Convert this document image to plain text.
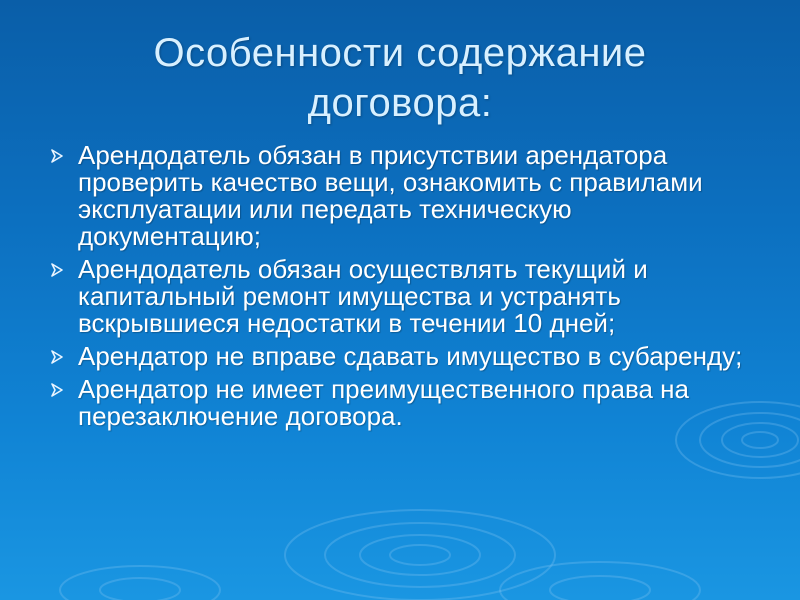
Особенности содержание договора:
Арендодатель обязан в присутствии арендатора проверить качество вещи, ознакомить с правилами эксплуатации или передать техническую документацию;
Арендодатель обязан осуществлять текущий и капитальный ремонт имущества и устранять вскрывшиеся недостатки в течении 10 дней;
Арендатор не вправе сдавать имущество в субаренду;
Арендатор не имеет преимущественного права на перезаключение договора.
